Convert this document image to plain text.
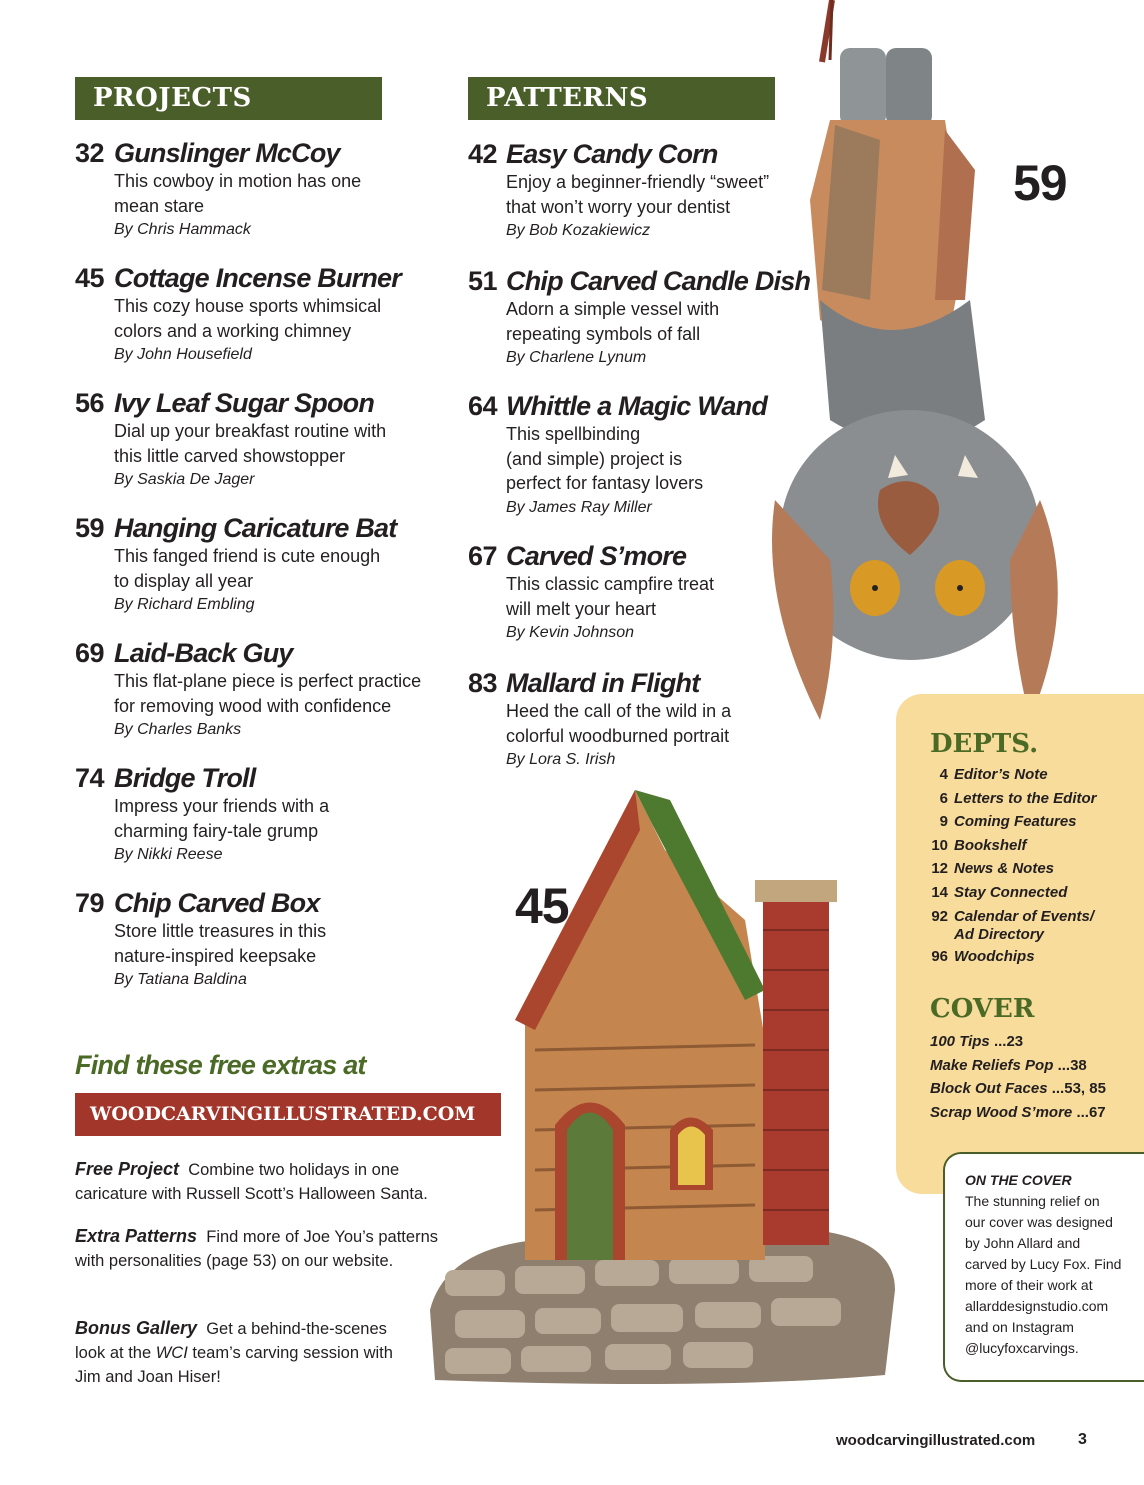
PROJECTS
32 Gunslinger McCoy
This cowboy in motion has one
mean stare
By Chris Hammack
45 Cottage Incense Burner
This cozy house sports whimsical
colors and a working chimney
By John Housefield
56 Ivy Leaf Sugar Spoon
Dial up your breakfast routine with
this little carved showstopper
By Saskia De Jager
59 Hanging Caricature Bat
This fanged friend is cute enough
to display all year
By Richard Embling
69 Laid-Back Guy
This flat-plane piece is perfect practice
for removing wood with confidence
By Charles Banks
74 Bridge Troll
Impress your friends with a
charming fairy-tale grump
By Nikki Reese
79 Chip Carved Box
Store little treasures in this
nature-inspired keepsake
By Tatiana Baldina
PATTERNS
42 Easy Candy Corn
Enjoy a beginner-friendly “sweet”
that won’t worry your dentist
By Bob Kozakiewicz
51 Chip Carved Candle Dish
Adorn a simple vessel with
repeating symbols of fall
By Charlene Lynum
64 Whittle a Magic Wand
This spellbinding
(and simple) project is
perfect for fantasy lovers
By James Ray Miller
67 Carved S’more
This classic campfire treat
will melt your heart
By Kevin Johnson
83 Mallard in Flight
Heed the call of the wild in a
colorful woodburned portrait
By Lora S. Irish
59
45
Find these free extras at
WOODCARVINGILLUSTRATED.COM
Free Project Combine two holidays in one caricature with Russell Scott’s Halloween Santa.
Extra Patterns Find more of Joe You’s patterns with personalities (page 53) on our website.
Bonus Gallery Get a behind-the-scenes look at the WCI team’s carving session with Jim and Joan Hiser!
DEPTS.
4 Editor’s Note
6 Letters to the Editor
9 Coming Features
10 Bookshelf
12 News & Notes
14 Stay Connected
92 Calendar of Events/
Ad Directory
96 Woodchips
COVER
100 Tips ...23
Make Reliefs Pop ...38
Block Out Faces ...53, 85
Scrap Wood S’more ...67
ON THE COVER
The stunning relief on
our cover was designed
by John Allard and
carved by Lucy Fox. Find
more of their work at
allarddesignstudio.com
and on Instagram
@lucyfoxcarvings.
woodcarvingillustrated.com	3
